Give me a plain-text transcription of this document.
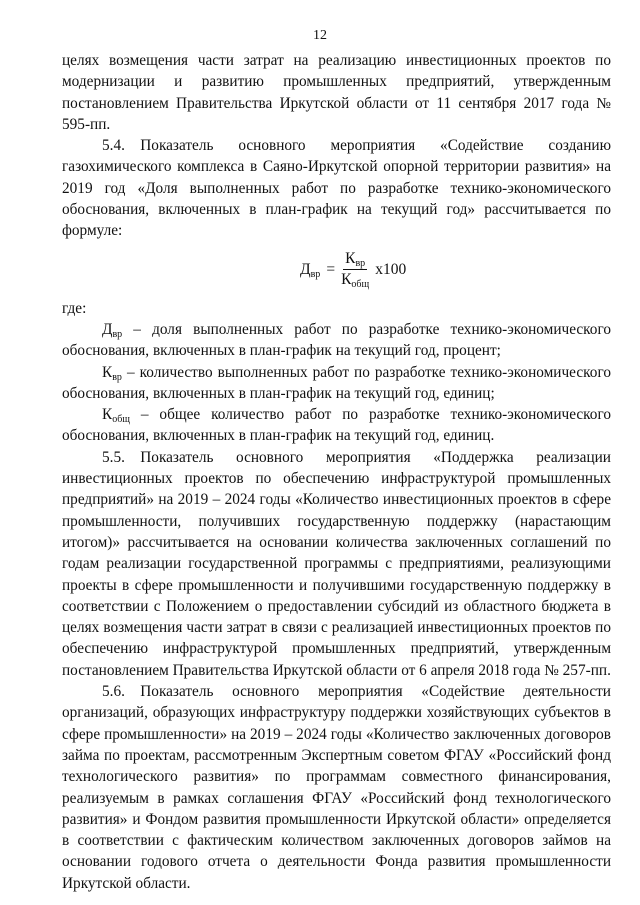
12

целях возмещения части затрат на реализацию инвестиционных проектов по модернизации и развитию промышленных предприятий, утвержденным постановлением Правительства Иркутской области от 11 сентября 2017 года № 595-пп.

5.4. Показатель основного мероприятия «Содействие созданию газохимического комплекса в Саяно-Иркутской опорной территории развития» на 2019 год «Доля выполненных работ по разработке технико-экономического обоснования, включенных в план-график на текущий год» рассчитывается по формуле:

$Д_{вр} = \frac{К_{вр}}{К_{общ}} x100$

где:

$Д_{вр}$ – доля выполненных работ по разработке технико-экономического обоснования, включенных в план-график на текущий год, процент;

$К_{вр}$ – количество выполненных работ по разработке технико-экономического обоснования, включенных в план-график на текущий год, единиц;

$К_{общ}$ – общее количество работ по разработке технико-экономического обоснования, включенных в план-график на текущий год, единиц.

5.5. Показатель основного мероприятия «Поддержка реализации инвестиционных проектов по обеспечению инфраструктурой промышленных предприятий» на 2019 – 2024 годы «Количество инвестиционных проектов в сфере промышленности, получивших государственную поддержку (нарастающим итогом)» рассчитывается на основании количества заключенных соглашений по годам реализации государственной программы с предприятиями, реализующими проекты в сфере промышленности и получившими государственную поддержку в соответствии с Положением о предоставлении субсидий из областного бюджета в целях возмещения части затрат в связи с реализацией инвестиционных проектов по обеспечению инфраструктурой промышленных предприятий, утвержденным постановлением Правительства Иркутской области от 6 апреля 2018 года № 257-пп.

5.6. Показатель основного мероприятия «Содействие деятельности организаций, образующих инфраструктуру поддержки хозяйствующих субъектов в сфере промышленности» на 2019 – 2024 годы «Количество заключенных договоров займа по проектам, рассмотренным Экспертным советом ФГАУ «Российский фонд технологического развития» по программам совместного финансирования, реализуемым в рамках соглашения ФГАУ «Российский фонд технологического развития» и Фондом развития промышленности Иркутской области» определяется в соответствии с фактическим количеством заключенных договоров займов на основании годового отчета о деятельности Фонда развития промышленности Иркутской области.
